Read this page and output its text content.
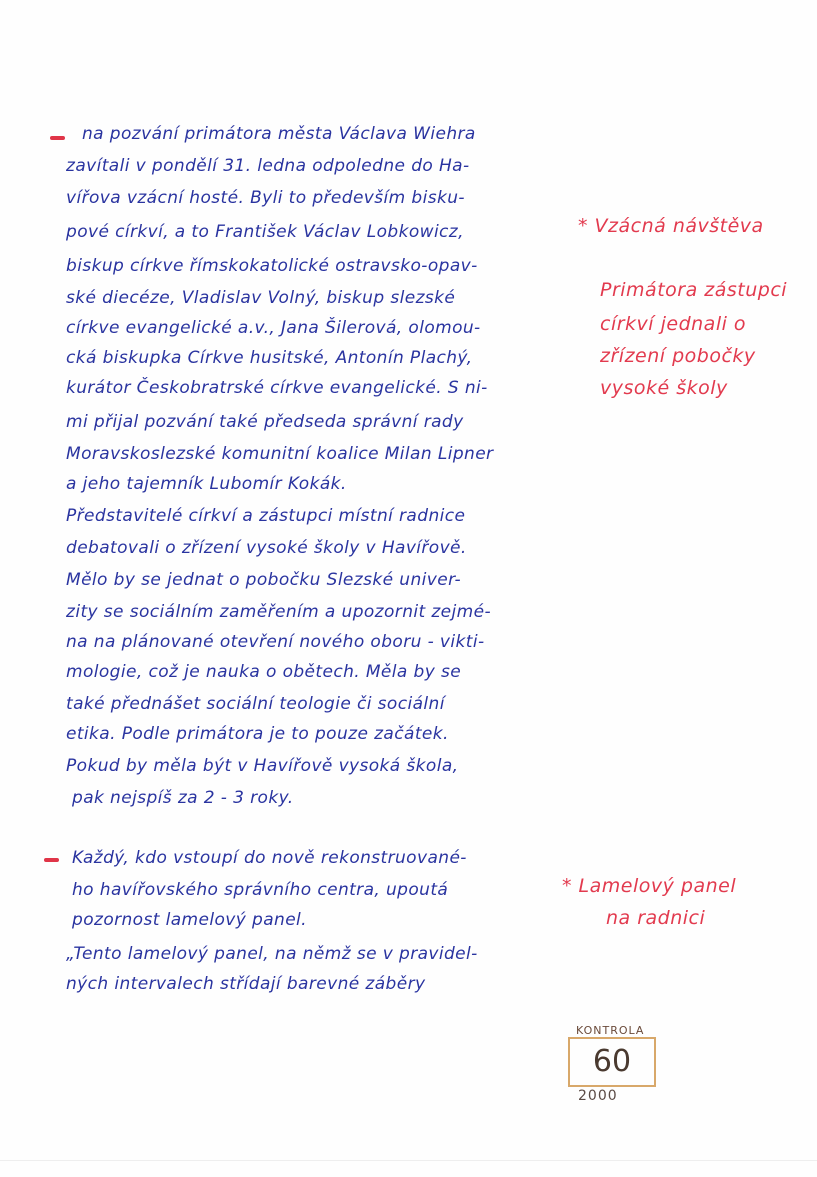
na pozvání primátora města Václava Wiehra

zavítali v pondělí 31. ledna odpoledne do Ha-

vířova vzácní hosté. Byli to především bisku-

pové církví, a to František Václav Lobkowicz,

biskup církve římskokatolické ostravsko-opav-

ské diecéze, Vladislav Volný, biskup slezské

církve evangelické a.v., Jana Šilerová, olomou-

cká biskupka Církve husitské, Antonín Plachý,

kurátor Českobratrské církve evangelické. S ni-

mi přijal pozvání také předseda správní rady

Moravskoslezské komunitní koalice Milan Lipner

a jeho tajemník Lubomír Kokák.

Představitelé církví a zástupci místní radnice

debatovali o zřízení vysoké školy v Havířově.

Mělo by se jednat o pobočku Slezské univer-

zity se sociálním zaměřením a upozornit zejmé-

na na plánované otevření nového oboru - vikti-

mologie, což je nauka o obětech. Měla by se

také přednášet sociální teologie či sociální

etika. Podle primátora je to pouze začátek.

Pokud by měla být v Havířově vysoká škola,

pak nejspíš za 2 - 3 roky.

Každý, kdo vstoupí do nově rekonstruované-

ho havířovského správního centra, upoutá

pozornost lamelový panel.

„Tento lamelový panel, na němž se v pravidel-

ných intervalech střídají barevné záběry

* Vzácná návštěva

Primátora zástupci

církví jednali o

zřízení pobočky

vysoké školy

* Lamelový panel

na radnici

KONTROLA
60
2000
